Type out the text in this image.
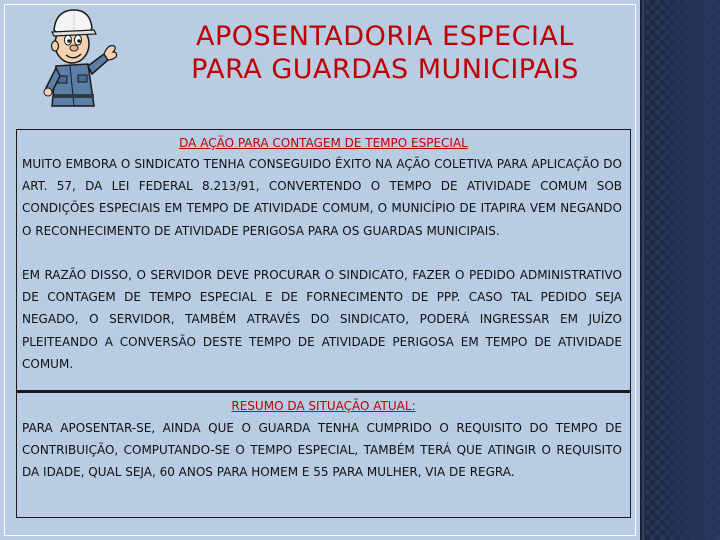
APOSENTADORIA ESPECIAL
PARA GUARDAS MUNICIPAIS
DA AÇÃO PARA CONTAGEM DE TEMPO ESPECIAL

MUITO EMBORA O SINDICATO TENHA CONSEGUIDO ÊXITO NA AÇÃO COLETIVA PARA APLICAÇÃO DO ART. 57, DA LEI FEDERAL 8.213/91, CONVERTENDO O TEMPO DE ATIVIDADE COMUM SOB CONDIÇÕES ESPECIAIS EM TEMPO DE ATIVIDADE COMUM, O MUNICÍPIO DE ITAPIRA VEM NEGANDO O RECONHECIMENTO DE ATIVIDADE PERIGOSA PARA OS GUARDAS MUNICIPAIS.

EM RAZÃO DISSO, O SERVIDOR DEVE PROCURAR O SINDICATO, FAZER O PEDIDO ADMINISTRATIVO DE CONTAGEM DE TEMPO ESPECIAL E DE FORNECIMENTO DE PPP. CASO TAL PEDIDO SEJA NEGADO, O SERVIDOR, TAMBÉM ATRAVÉS DO SINDICATO, PODERÁ INGRESSAR EM JUÍZO PLEITEANDO A CONVERSÃO DESTE TEMPO DE ATIVIDADE PERIGOSA EM TEMPO DE ATIVIDADE COMUM.

RESUMO DA SITUAÇÃO ATUAL:

PARA APOSENTAR-SE, AINDA QUE O GUARDA TENHA CUMPRIDO O REQUISITO DO TEMPO DE CONTRIBUIÇÃO, COMPUTANDO-SE O TEMPO ESPECIAL, TAMBÉM TERÁ QUE ATINGIR O REQUISITO DA IDADE, QUAL SEJA, 60 ANOS PARA HOMEM E 55 PARA MULHER, VIA DE REGRA.
